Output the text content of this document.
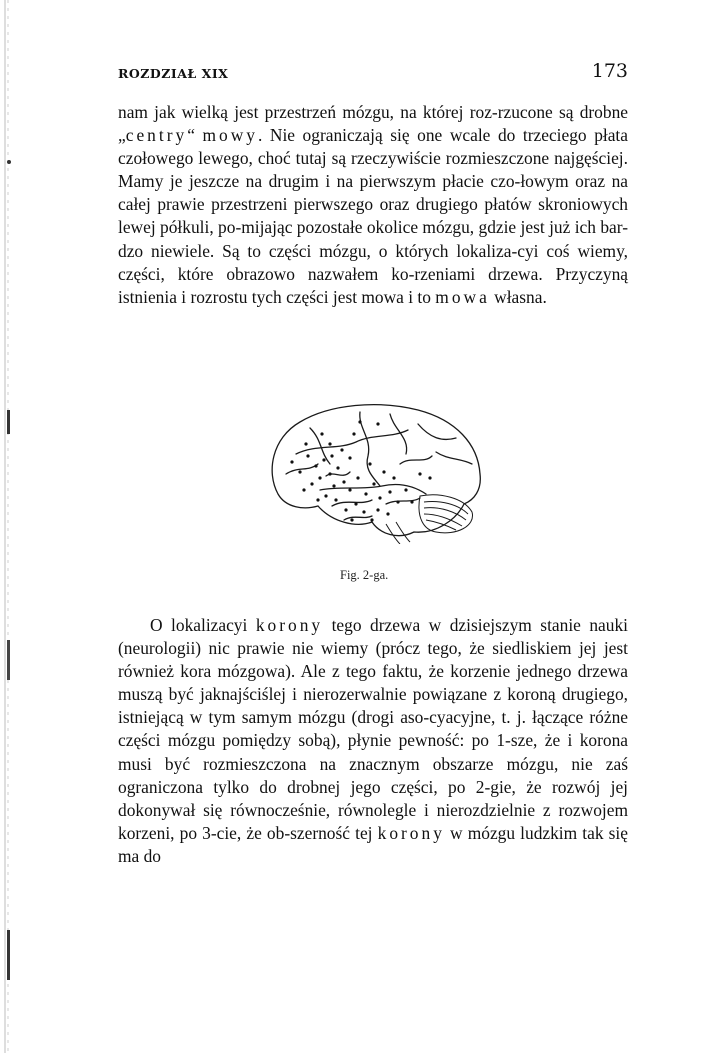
ROZDZIAŁ XIX	173

nam jak wielką jest przestrzeń mózgu, na której roz-rzucone są drobne „centry“ mowy. Nie ograniczają się one wcale do trzeciego płata czołowego lewego, choć tutaj są rzeczywiście rozmieszczone najgęściej. Mamy je jeszcze na drugim i na pierwszym płacie czo-łowym oraz na całej prawie przestrzeni pierwszego oraz drugiego płatów skroniowych lewej półkuli, po-mijając pozostałe okolice mózgu, gdzie jest już ich bar-dzo niewiele. Są to części mózgu, o których lokaliza-cyi coś wiemy, części, które obrazowo nazwałem ko-rzeniami drzewa. Przyczyną istnienia i rozrostu tych części jest mowa i to mowa własna.

Fig. 2-ga.

O lokalizacyi korony tego drzewa w dzisiejszym stanie nauki (neurologii) nic prawie nie wiemy (prócz tego, że siedliskiem jej jest również kora mózgowa). Ale z tego faktu, że korzenie jednego drzewa muszą być jaknajściślej i nierozerwalnie powiązane z koroną drugiego, istniejącą w tym samym mózgu (drogi aso-cyacyjne, t. j. łączące różne części mózgu pomiędzy sobą), płynie pewność: po 1-sze, że i korona musi być rozmieszczona na znacznym obszarze mózgu, nie zaś ograniczona tylko do drobnej jego części, po 2-gie, że rozwój jej dokonywał się równocześnie, równolegle i nierozdzielnie z rozwojem korzeni, po 3-cie, że ob-szerność tej korony w mózgu ludzkim tak się ma do
